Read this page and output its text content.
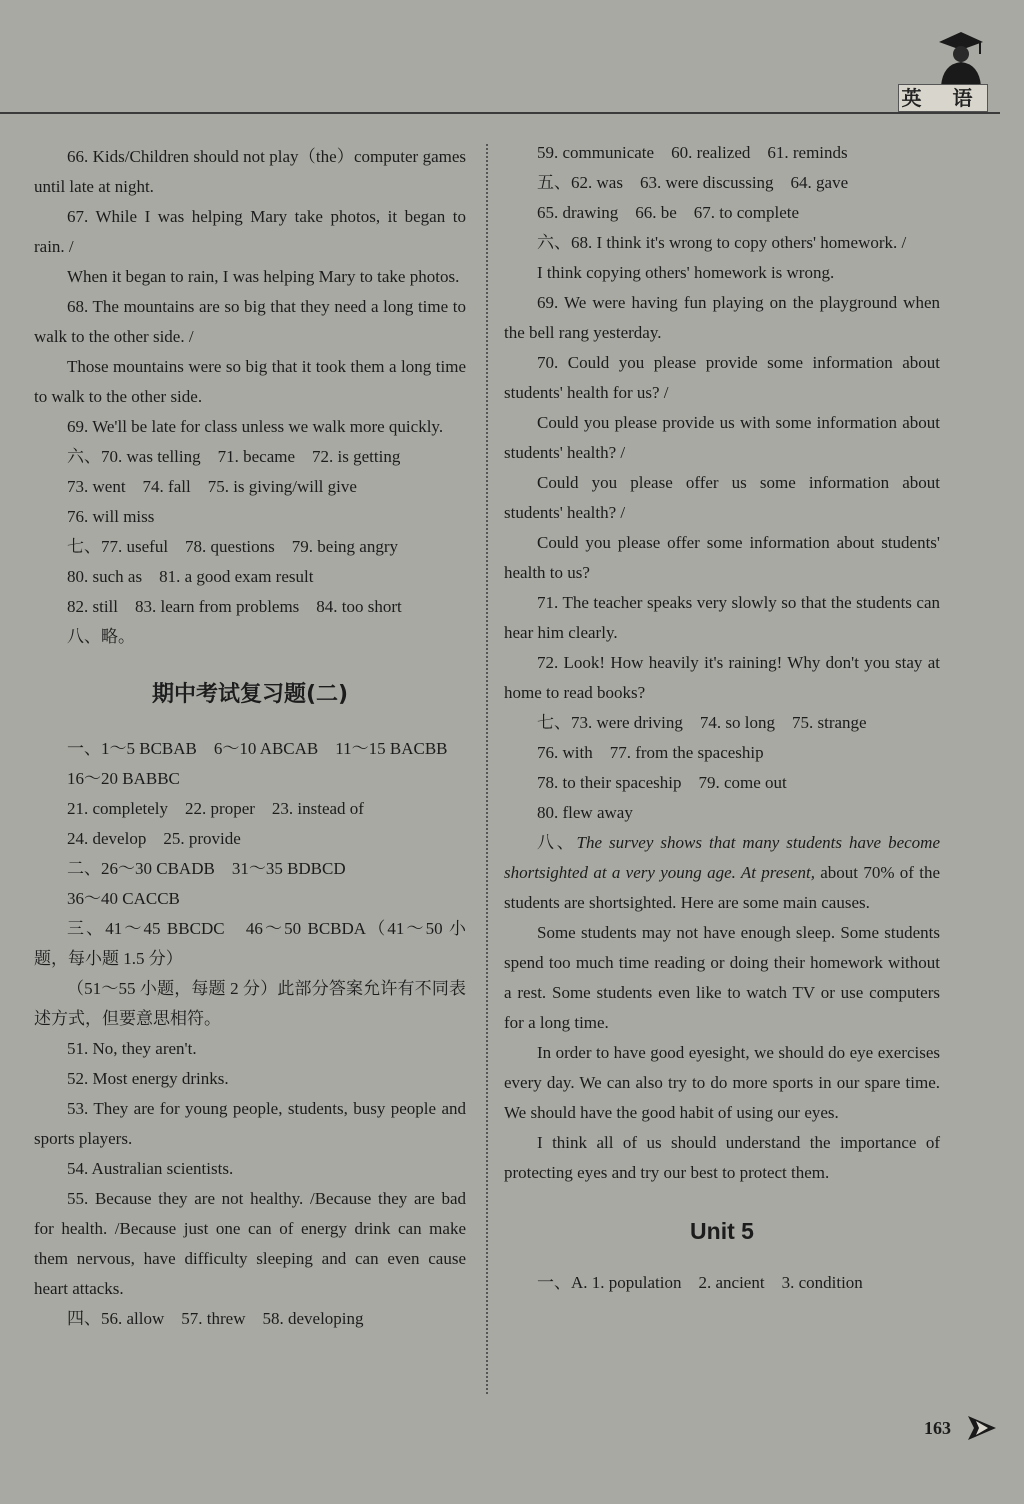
英 语

66. Kids/Children should not play（the）computer games until late at night.

67. While I was helping Mary take photos, it began to rain. /

When it began to rain, I was helping Mary to take photos.

68. The mountains are so big that they need a long time to walk to the other side. /

Those mountains were so big that it took them a long time to walk to the other side.

69. We'll be late for class unless we walk more quickly.

六、70. was telling　71. became　72. is getting

73. went　74. fall　75. is giving/will give

76. will miss

七、77. useful　78. questions　79. being angry

80. such as　81. a good exam result

82. still　83. learn from problems　84. too short

八、略。

期中考试复习题(二)

一、1～5 BCBAB　6～10 ABCAB　11～15 BACBB

16～20 BABBC

21. completely　22. proper　23. instead of

24. develop　25. provide

二、26～30 CBADB　31～35 BDBCD

36～40 CACCB

三、41～45 BBCDC　46～50 BCBDA（41～50 小题，每小题 1.5 分）

（51～55 小题，每题 2 分）此部分答案允许有不同表述方式，但要意思相符。

51. No, they aren't.

52. Most energy drinks.

53. They are for young people, students, busy people and sports players.

54. Australian scientists.

55. Because they are not healthy. /Because they are bad for health. /Because just one can of energy drink can make them nervous, have difficulty sleeping and can even cause heart attacks.

四、56. allow　57. threw　58. developing

59. communicate　60. realized　61. reminds

五、62. was　63. were discussing　64. gave

65. drawing　66. be　67. to complete

六、68. I think it's wrong to copy others' homework. /

I think copying others' homework is wrong.

69. We were having fun playing on the playground when the bell rang yesterday.

70. Could you please provide some information about students' health for us? /

Could you please provide us with some information about students' health? /

Could you please offer us some information about students' health? /

Could you please offer some information about students' health to us?

71. The teacher speaks very slowly so that the students can hear him clearly.

72. Look! How heavily it's raining! Why don't you stay at home to read books?

七、73. were driving　74. so long　75. strange

76. with　77. from the spaceship

78. to their spaceship　79. come out

80. flew away

八、The survey shows that many students have become shortsighted at a very young age. At present, about 70% of the students are shortsighted. Here are some main causes.

Some students may not have enough sleep. Some students spend too much time reading or doing their homework without a rest. Some students even like to watch TV or use computers for a long time.

In order to have good eyesight, we should do eye exercises every day. We can also try to do more sports in our spare time. We should have the good habit of using our eyes.

I think all of us should understand the importance of protecting eyes and try our best to protect them.

Unit 5

一、A. 1. population　2. ancient　3. condition

163
